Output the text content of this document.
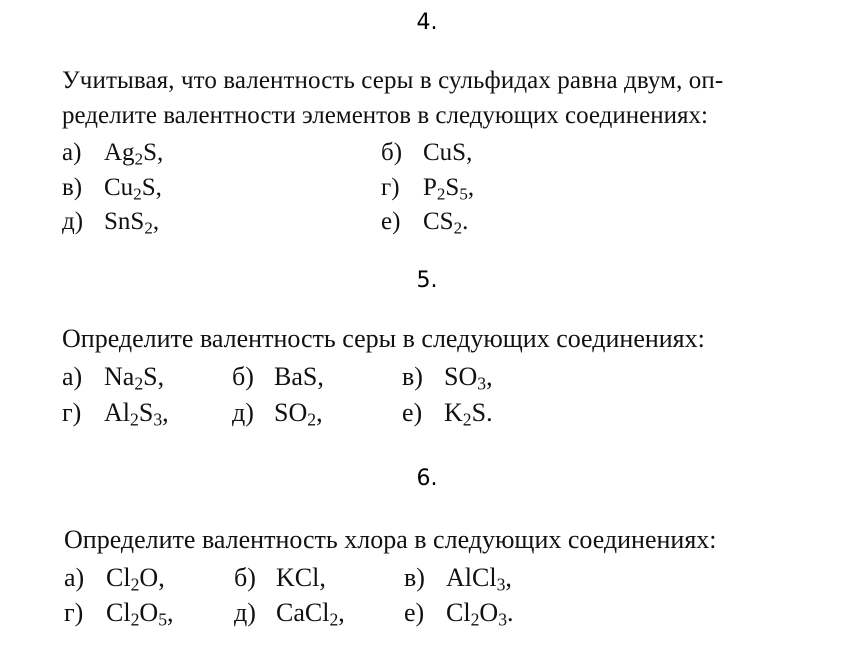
4.
Учитывая, что валентность серы в сульфидах равна двум, оп-
ределите валентности элементов в следующих соединениях:
а) $Ag_2S$,	б) CuS,
в) $Cu_2S$,	г) $P_2S_5$,
д) SnS$_2$,	е) $CS_2$.
5.
Определите валентность серы в следующих соединениях:
а) $Na_2S$,	б) BaS,	в) $SO_3$,
г) $Al_2S_3$, д) $SO_2$,	е) $K_2S$.
6.
Определите валентность хлора в следующих соединениях:
а) $Cl_2O$,	б) KCl,	в) AlCl$_3$,
г) $Cl_2O_5$, д) CaCl$_2$, е) $Cl_2O_3$.
